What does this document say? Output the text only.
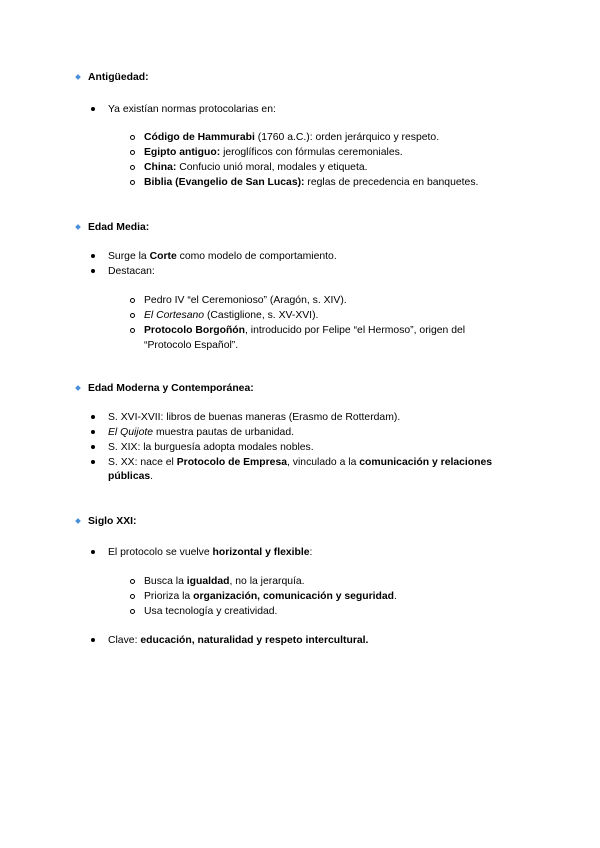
Antigüedad:
Ya existían normas protocolarias en:
Código de Hammurabi (1760 a.C.): orden jerárquico y respeto.
Egipto antiguo: jeroglíficos con fórmulas ceremoniales.
China: Confucio unió moral, modales y etiqueta.
Biblia (Evangelio de San Lucas): reglas de precedencia en banquetes.
Edad Media:
Surge la Corte como modelo de comportamiento.
Destacan:
Pedro IV “el Ceremonioso” (Aragón, s. XIV).
El Cortesano (Castiglione, s. XV-XVI).
Protocolo Borgoñón, introducido por Felipe “el Hermoso”, origen del
“Protocolo Español”.
Edad Moderna y Contemporánea:
S. XVI-XVII: libros de buenas maneras (Erasmo de Rotterdam).
El Quijote muestra pautas de urbanidad.
S. XIX: la burguesía adopta modales nobles.
S. XX: nace el Protocolo de Empresa, vinculado a la comunicación y relaciones
públicas.
Siglo XXI:
El protocolo se vuelve horizontal y flexible:
Busca la igualdad, no la jerarquía.
Prioriza la organización, comunicación y seguridad.
Usa tecnología y creatividad.
Clave: educación, naturalidad y respeto intercultural.
